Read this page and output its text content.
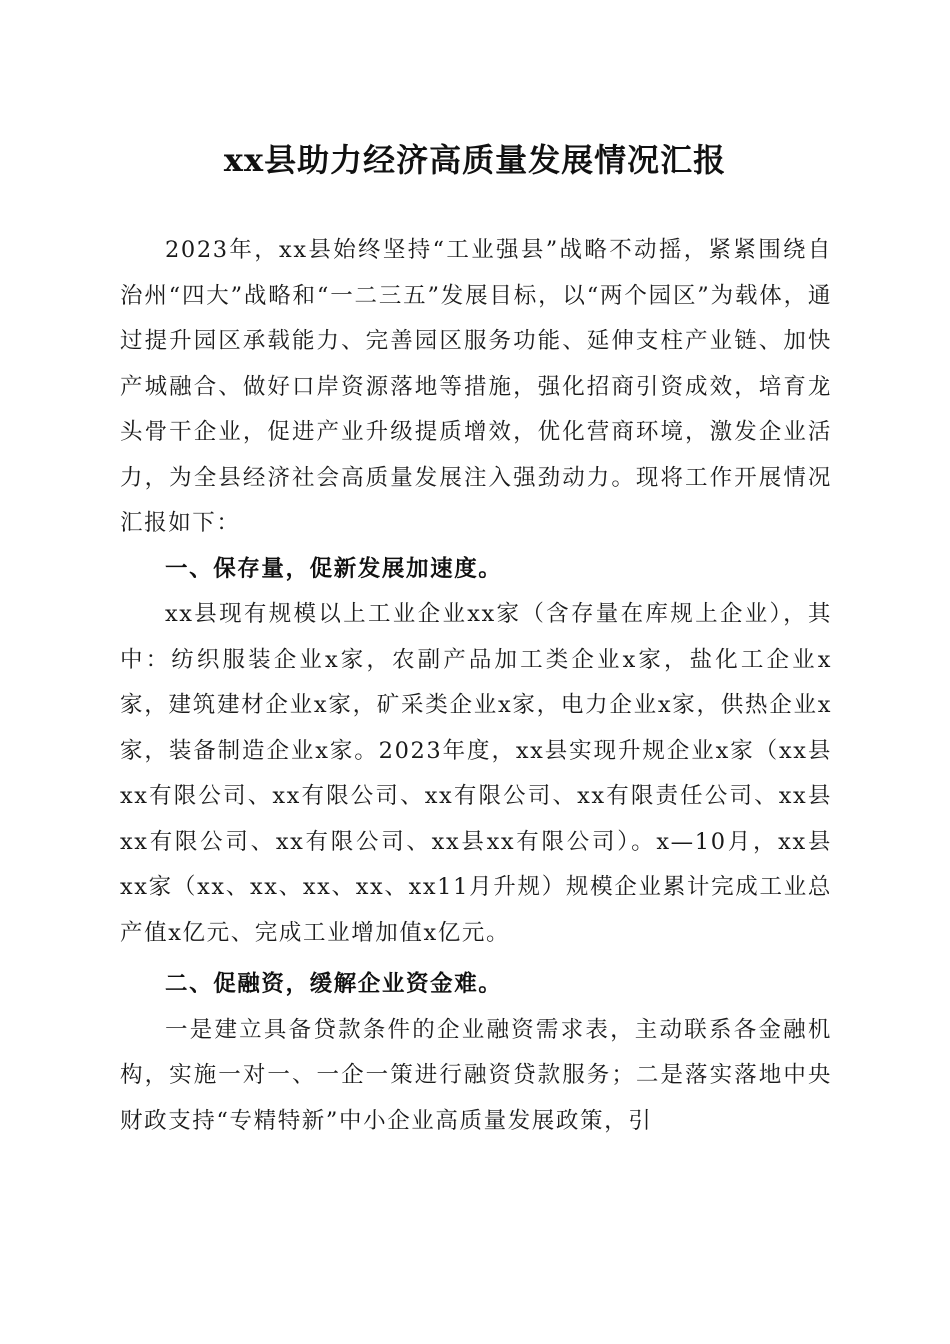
xx县助力经济高质量发展情况汇报

2023年，xx县始终坚持“工业强县”战略不动摇，紧紧围绕自治州“四大”战略和“一二三五”发展目标，以“两个园区”为载体，通过提升园区承载能力、完善园区服务功能、延伸支柱产业链、加快产城融合、做好口岸资源落地等措施，强化招商引资成效，培育龙头骨干企业，促进产业升级提质增效，优化营商环境，激发企业活力，为全县经济社会高质量发展注入强劲动力。现将工作开展情况汇报如下：

一、保存量，促新发展加速度。

xx县现有规模以上工业企业xx家（含存量在库规上企业），其中：纺织服装企业x家，农副产品加工类企业x家，盐化工企业x家，建筑建材企业x家，矿采类企业x家，电力企业x家，供热企业x家，装备制造企业x家。2023年度，xx县实现升规企业x家（xx县xx有限公司、xx有限公司、xx有限公司、xx有限责任公司、xx县xx有限公司、xx有限公司、xx县xx有限公司）。x—10月，xx县xx家（xx、xx、xx、xx、xx11月升规）规模企业累计完成工业总产值x亿元、完成工业增加值x亿元。

二、促融资，缓解企业资金难。

一是建立具备贷款条件的企业融资需求表，主动联系各金融机构，实施一对一、一企一策进行融资贷款服务；二是落实落地中央财政支持“专精特新”中小企业高质量发展政策，引
